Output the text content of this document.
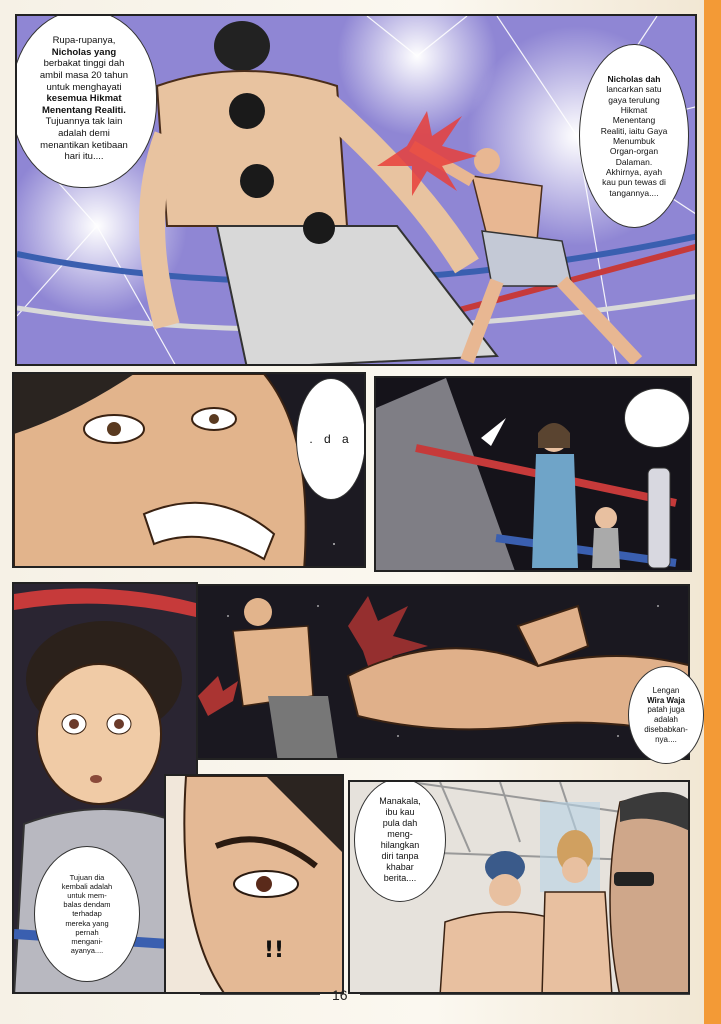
Rupa-rupanya,
Nicholas yang
berbakat tinggi dah
ambil masa 20 tahun
untuk menghayati
kesemua Hikmat
Menentang Realiti.
Tujuannya tak lain
adalah demi
menantikan ketibaan
hari itu....
Nicholas dah
lancarkan satu
gaya terulung
Hikmat
Menentang
Realiti, iaitu Gaya
Menumbuk
Organ-organ
Dalaman.
Akhirnya, ayah
kau pun tewas di
tangannya....
. d a
Tujuan dia
kembali adalah
untuk mem-
balas dendam
terhadap
mereka yang
pernah
mengani-
ayanya....
Lengan
Wira Waja
patah juga
adalah
disebabkan-
nya....
!!
Manakala,
ibu kau
pula dah
meng-
hilangkan
diri tanpa
khabar
berita....
16
